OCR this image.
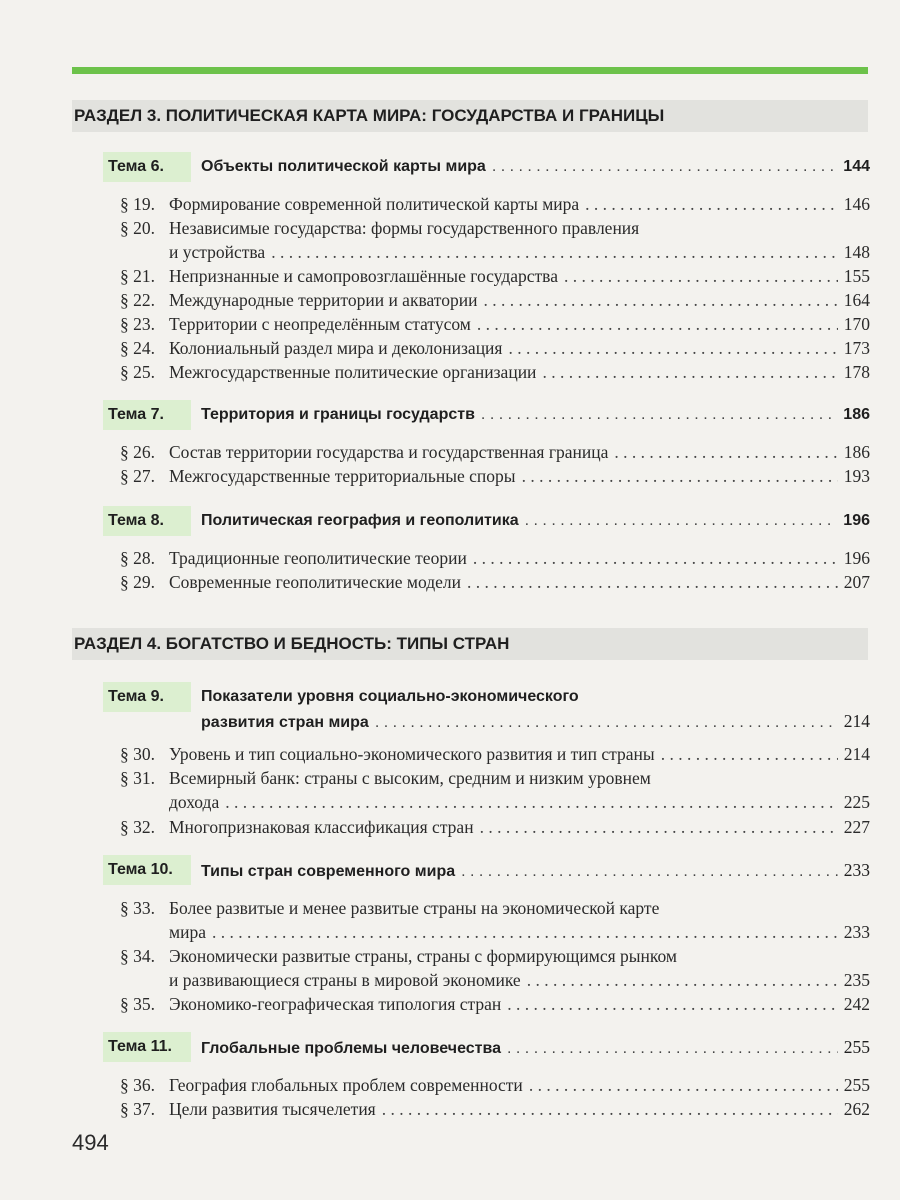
РАЗДЕЛ 3. ПОЛИТИЧЕСКАЯ КАРТА МИРА: ГОСУДАРСТВА И ГРАНИЦЫ
Тема 6.	Объекты политической карты мира . . .	144
§ 19. Формирование современной политической карты мира . . .	146
§ 20. Независимые государства: формы государственного правления
и устройства . . .	148
§ 21. Непризнанные и самопровозглашённые государства . . .	155
§ 22. Международные территории и акватории . . .	164
§ 23. Территории с неопределённым статусом . . .	170
§ 24. Колониальный раздел мира и деколонизация . . .	173
§ 25. Межгосударственные политические организации . . .	178
Тема 7.	Территория и границы государств . . .	186
§ 26. Состав территории государства и государственная граница . . .	186
§ 27. Межгосударственные территориальные споры . . .	193
Тема 8.	Политическая география и геополитика . . .	196
§ 28. Традиционные геополитические теории . . .	196
§ 29. Современные геополитические модели . . .	207
РАЗДЕЛ 4. БОГАТСТВО И БЕДНОСТЬ: ТИПЫ СТРАН
Тема 9.	Показатели уровня социально-экономического
развития стран мира . . .	214
§ 30. Уровень и тип социально-экономического развития и тип страны . . .	214
§ 31. Всемирный банк: страны с высоким, средним и низким уровнем
дохода . . .	225
§ 32. Многопризнаковая классификация стран . . .	227
Тема 10.	Типы стран современного мира . . .	233
§ 33. Более развитые и менее развитые страны на экономической карте
мира . . .	233
§ 34. Экономически развитые страны, страны с формирующимся рынком
и развивающиеся страны в мировой экономике . . .	235
§ 35. Экономико-географическая типология стран . . .	242
Тема 11.	Глобальные проблемы человечества . . .	255
§ 36. География глобальных проблем современности . . .	255
§ 37. Цели развития тысячелетия . . .	262
494
